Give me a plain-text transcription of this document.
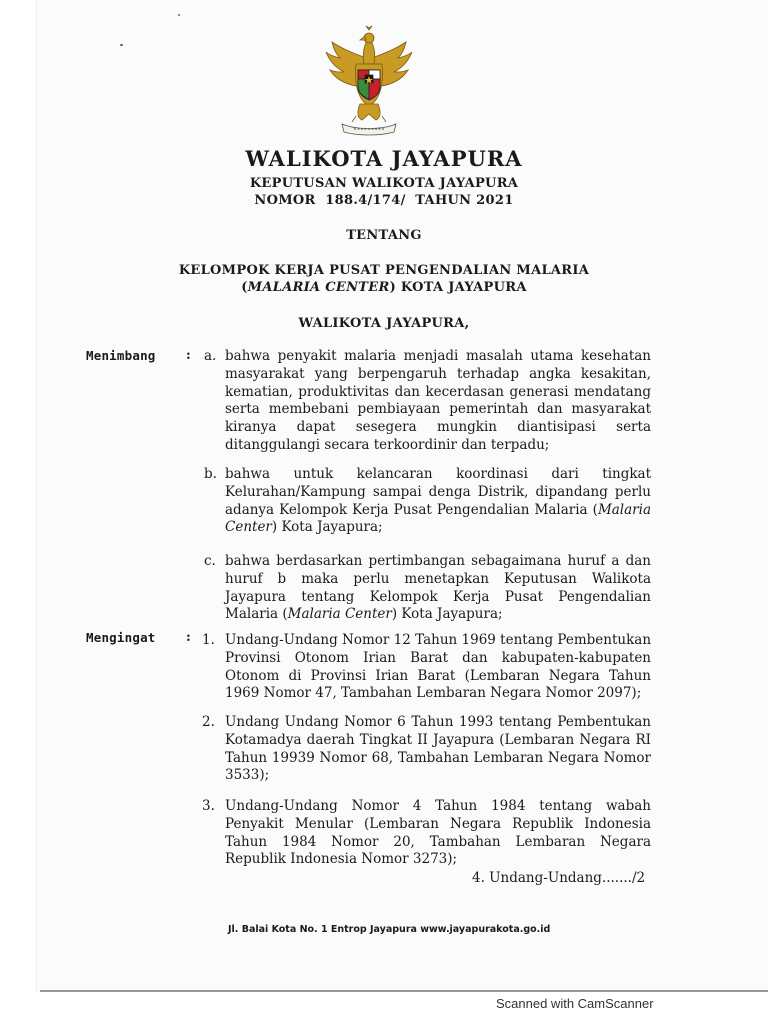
WALIKOTA JAYAPURA
KEPUTUSAN WALIKOTA JAYAPURA
NOMOR  188.4/174/  TAHUN 2021
TENTANG
KELOMPOK KERJA PUSAT PENGENDALIAN MALARIA
(MALARIA CENTER) KOTA JAYAPURA
WALIKOTA JAYAPURA,
Menimbang : a. bahwa penyakit malaria menjadi masalah utama kesehatan masyarakat yang berpengaruh terhadap angka kesakitan, kematian, produktivitas dan kecerdasan generasi mendatang serta membebani pembiayaan pemerintah dan masyarakat kiranya dapat sesegera mungkin diantisipasi serta ditanggulangi secara terkoordinir dan terpadu;
b. bahwa untuk kelancaran koordinasi dari tingkat Kelurahan/Kampung sampai denga Distrik, dipandang perlu adanya Kelompok Kerja Pusat Pengendalian Malaria (Malaria Center) Kota Jayapura;
c. bahwa berdasarkan pertimbangan sebagaimana huruf a dan huruf b maka perlu menetapkan Keputusan Walikota Jayapura tentang Kelompok Kerja Pusat Pengendalian Malaria (Malaria Center) Kota Jayapura;
Mengingat : 1. Undang-Undang Nomor 12 Tahun 1969 tentang Pembentukan Provinsi Otonom Irian Barat dan kabupaten-kabupaten Otonom di Provinsi Irian Barat (Lembaran Negara Tahun 1969 Nomor 47, Tambahan Lembaran Negara Nomor 2097);
2. Undang Undang Nomor 6 Tahun 1993 tentang Pembentukan Kotamadya daerah Tingkat II Jayapura (Lembaran Negara RI Tahun 19939 Nomor 68, Tambahan Lembaran Negara Nomor 3533);
3. Undang-Undang Nomor 4 Tahun 1984 tentang wabah Penyakit Menular (Lembaran Negara Republik Indonesia Tahun 1984 Nomor 20, Tambahan Lembaran Negara Republik Indonesia Nomor 3273);
4. Undang-Undang......./2
Jl. Balai Kota No. 1 Entrop Jayapura www.jayapurakota.go.id
Scanned with CamScanner
